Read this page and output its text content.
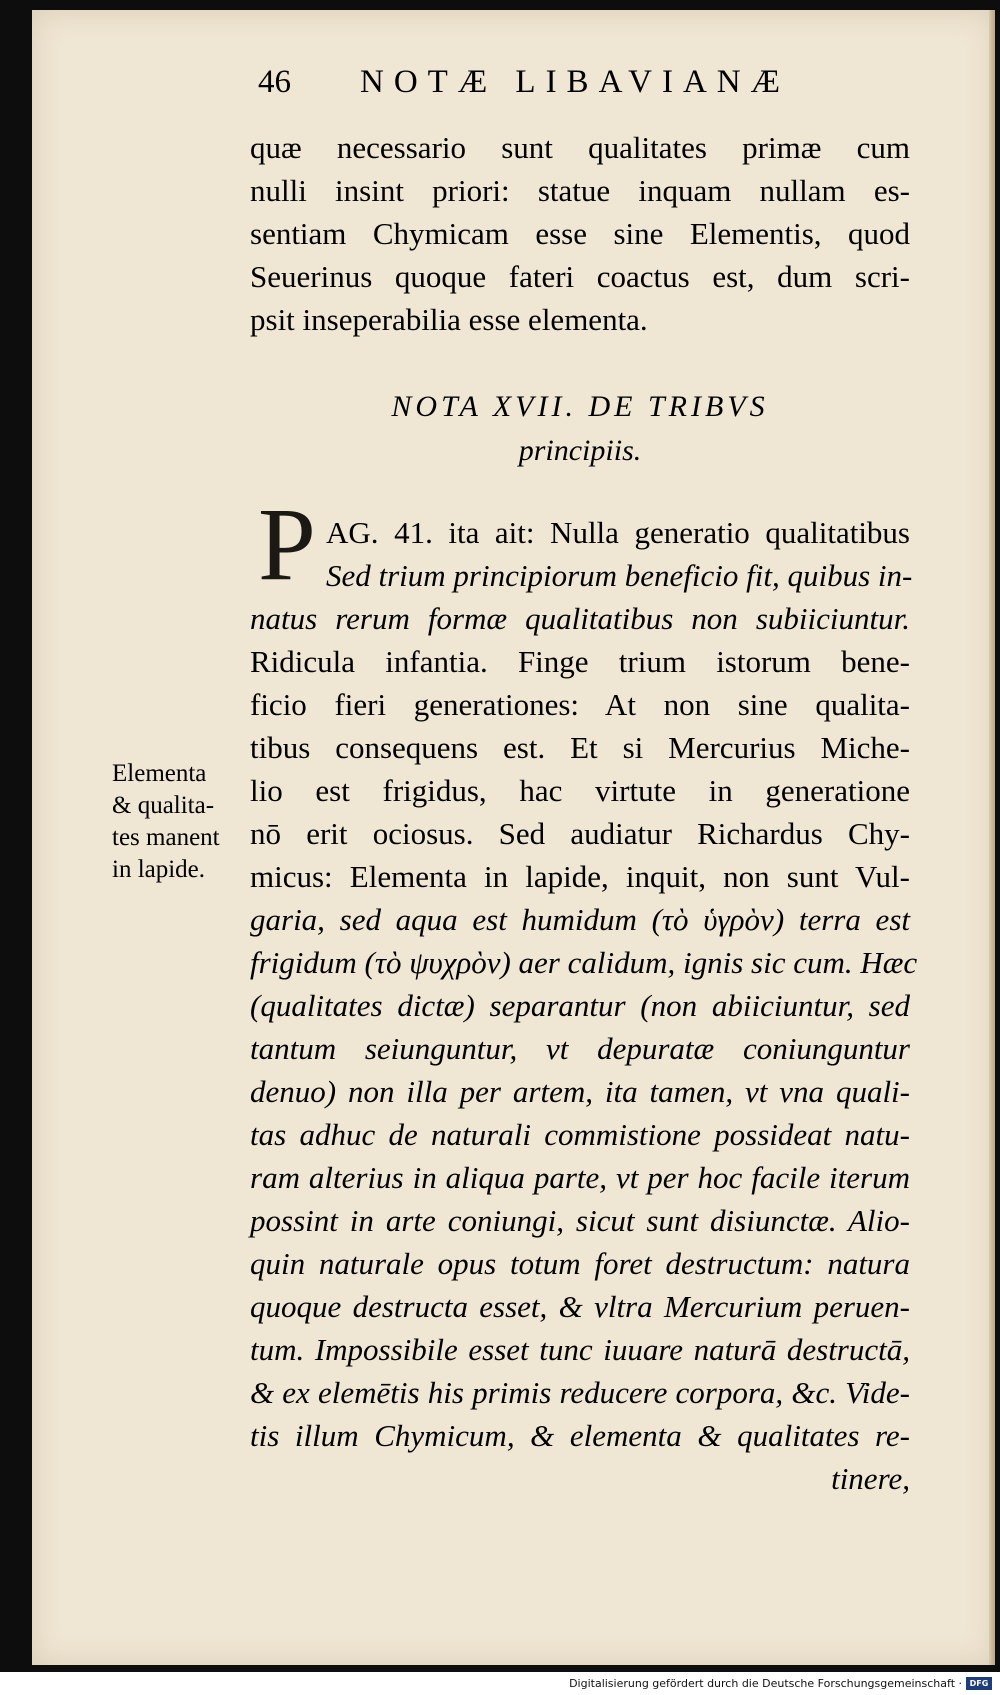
46 NOTÆ LIBAVIANÆ
quæ necessario sunt qualitates primæ cum
nulli insint priori: statue inquam nullam es-
sentiam Chymicam esse sine Elementis, quod
Seuerinus quoque fateri coactus est, dum scri-
psit inseperabilia esse elementa.
NOTA XVII. DE TRIBVS
principiis.
P AG. 41. ita ait: Nulla generatio qualitatibus
Sed trium principiorum beneficio fit, quibus in-
natus rerum formæ qualitatibus non subiiciuntur.
Ridicula infantia. Finge trium istorum bene-
ficio fieri generationes: At non sine qualita-
tibus consequens est. Et si Mercurius Miche-
lio est frigidus, hac virtute in generatione
nō erit ociosus. Sed audiatur Richardus Chy-
micus: Elementa in lapide, inquit, non sunt Vul-
garia, sed aqua est humidum (τὸ ὑγρὸν) terra est
frigidum (τὸ ψυχρὸν) aer calidum, ignis sic cum. Hæc
(qualitates dictæ) separantur (non abiiciuntur, sed
tantum seiunguntur, vt depuratæ coniunguntur
denuo) non illa per artem, ita tamen, vt vna quali-
tas adhuc de naturali commistione possideat natu-
ram alterius in aliqua parte, vt per hoc facile iterum
possint in arte coniungi, sicut sunt disiunctæ. Alio-
quin naturale opus totum foret destructum: natura
quoque destructa esset, & vltra Mercurium peruen-
tum. Impossibile esset tunc iuuare naturā destructā,
& ex elemētis his primis reducere corpora, &c. Vide-
tis illum Chymicum, & elementa & qualitates re-
tinere,
Elementa
& qualita-
tes manent
in lapide.
Digitalisierung gefördert durch die Deutsche Forschungsgemeinschaft · DFG
